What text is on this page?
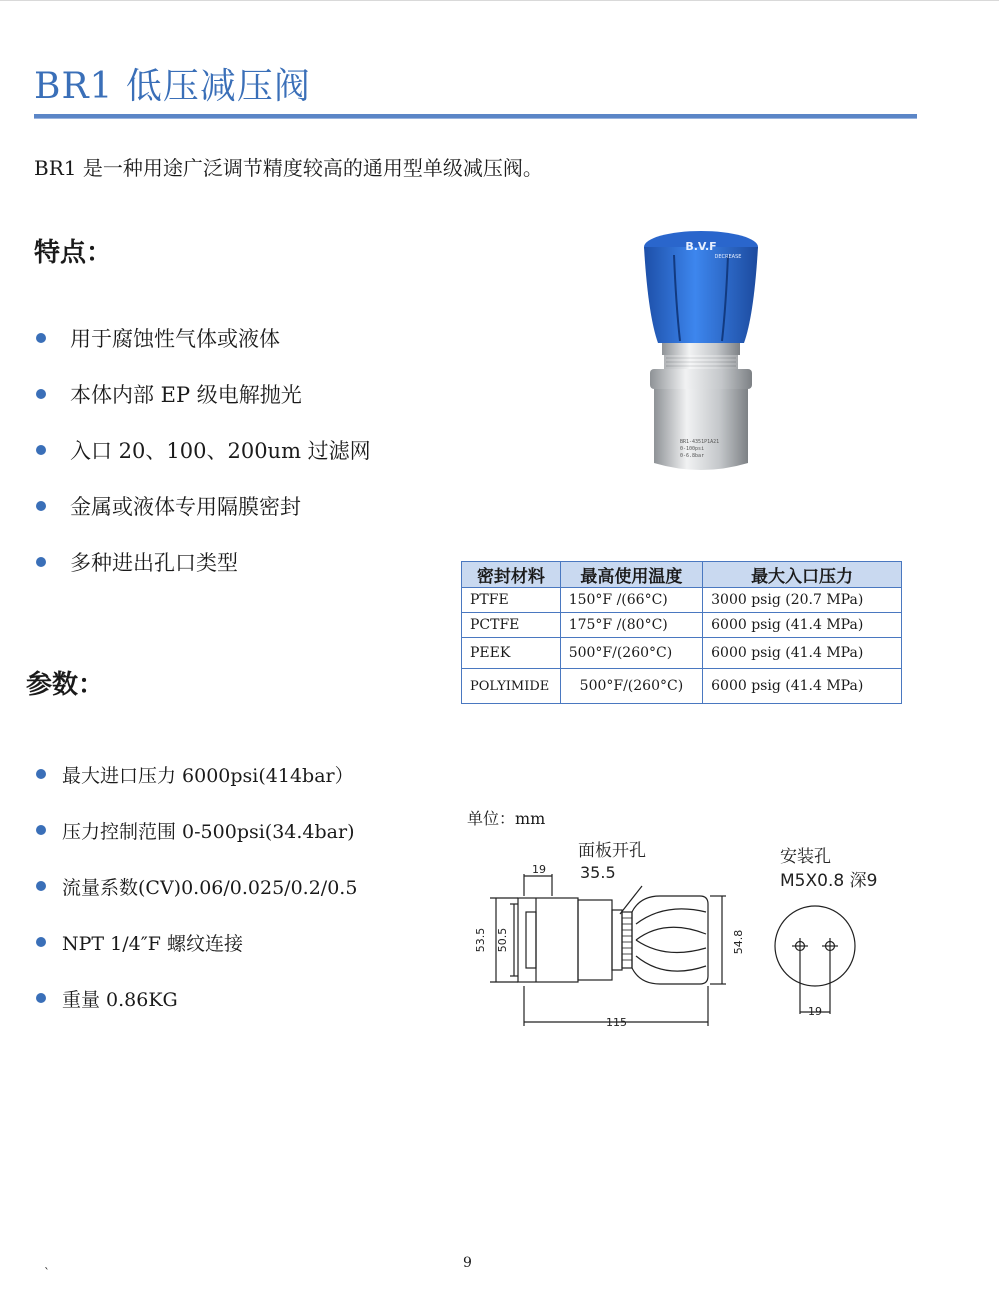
BR1 低压减压阀
BR1 是一种用途广泛调节精度较高的通用型单级减压阀。
特点：
用于腐蚀性气体或液体
本体内部 EP 级电解抛光
入口 20、100、200um 过滤网
金属或液体专用隔膜密封
多种进出孔口类型
B.V.F
DECREASE
BR1-4351P1A21
0-100psi
0-6.8bar
密封材料	最高使用温度	最大入口压力
PTFE	150°F /(66°C)	3000 psig (20.7 MPa)
PCTFE	175°F /(80°C)	6000 psig (41.4 MPa)
PEEK	500°F/(260°C)	6000 psig (41.4 MPa)
POLYIMIDE	500°F/(260°C)	6000 psig (41.4 MPa)
参数：
最大进口压力 6000psi(414bar）
压力控制范围 0-500psi(34.4bar)
流量系数(CV)0.06/0.025/0.2/0.5
NPT 1/4″F 螺纹连接
重量 0.86KG
单位：mm
面板开孔
35.5
安装孔
M5X0.8 深9
19
53.5 50.5	54.8
115
19
9
`
